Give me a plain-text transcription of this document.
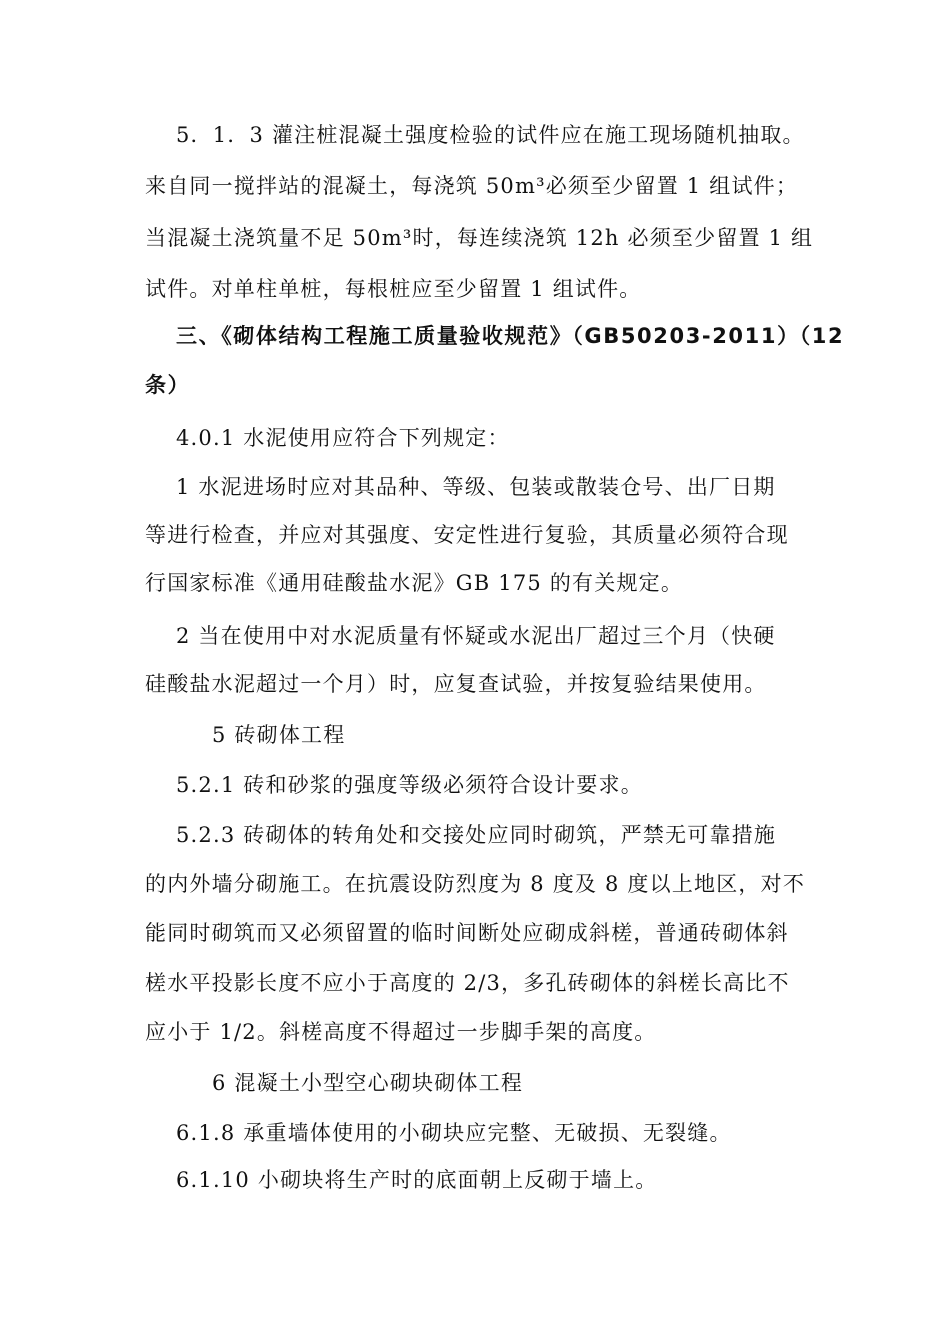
5．1．3 灌注桩混凝土强度检验的试件应在施工现场随机抽取。
来自同一搅拌站的混凝土，每浇筑 50m³必须至少留置 1 组试件；
当混凝土浇筑量不足 50m³时，每连续浇筑 12h 必须至少留置 1 组
试件。对单柱单桩，每根桩应至少留置 1 组试件。
三、《砌体结构工程施工质量验收规范》（GB50203-2011）（12
条）
4.0.1 水泥使用应符合下列规定：
1 水泥进场时应对其品种、等级、包装或散装仓号、出厂日期
等进行检查，并应对其强度、安定性进行复验，其质量必须符合现
行国家标准《通用硅酸盐水泥》GB 175 的有关规定。
2 当在使用中对水泥质量有怀疑或水泥出厂超过三个月（快硬
硅酸盐水泥超过一个月）时，应复查试验，并按复验结果使用。
5 砖砌体工程
5.2.1 砖和砂浆的强度等级必须符合设计要求。
5.2.3 砖砌体的转角处和交接处应同时砌筑，严禁无可靠措施
的内外墙分砌施工。在抗震设防烈度为 8 度及 8 度以上地区，对不
能同时砌筑而又必须留置的临时间断处应砌成斜槎，普通砖砌体斜
槎水平投影长度不应小于高度的 2/3，多孔砖砌体的斜槎长高比不
应小于 1/2。斜槎高度不得超过一步脚手架的高度。
6 混凝土小型空心砌块砌体工程
6.1.8 承重墙体使用的小砌块应完整、无破损、无裂缝。
6.1.10 小砌块将生产时的底面朝上反砌于墙上。
